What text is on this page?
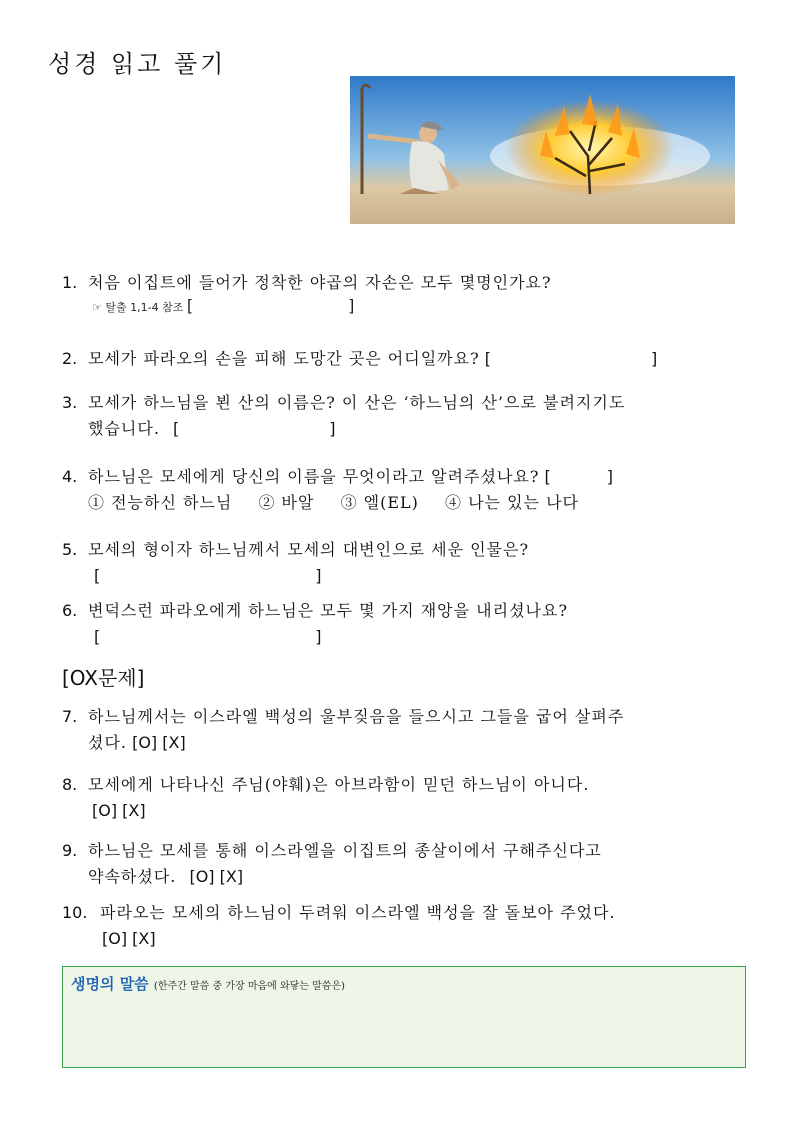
성경 읽고 풀기
1. 처음 이집트에 들어가 정착한 야곱의 자손은 모두 몇명인가요?
☞ 탈출 1,1-4 참조 [	]
2. 모세가 파라오의 손을 피해 도망간 곳은 어디일까요? [	]
3. 모세가 하느님을 뵌 산의 이름은? 이 산은 ‘하느님의 산’으로 불려지기도
했습니다. [	]
4. 하느님은 모세에게 당신의 이름을 무엇이라고 알려주셨나요? [	]
① 전능하신 하느님 ② 바알 ③ 엘(EL) ④ 나는 있는 나다
5. 모세의 형이자 하느님께서 모세의 대변인으로 세운 인물은?
[	]
6. 변덕스런 파라오에게 하느님은 모두 몇 가지 재앙을 내리셨나요?
[	]
[OX문제]
7. 하느님께서는 이스라엘 백성의 울부짖음을 들으시고 그들을 굽어 살펴주
셨다. [O] [X]
8. 모세에게 나타나신 주님(야훼)은 아브라함이 믿던 하느님이 아니다.
[O] [X]
9. 하느님은 모세를 통해 이스라엘을 이집트의 종살이에서 구해주신다고
약속하셨다. [O] [X]
10. 파라오는 모세의 하느님이 두려워 이스라엘 백성을 잘 돌보아 주었다.
[O] [X]
생명의 말씀 (한주간 말씀 중 가장 마음에 와닿는 말씀은)
